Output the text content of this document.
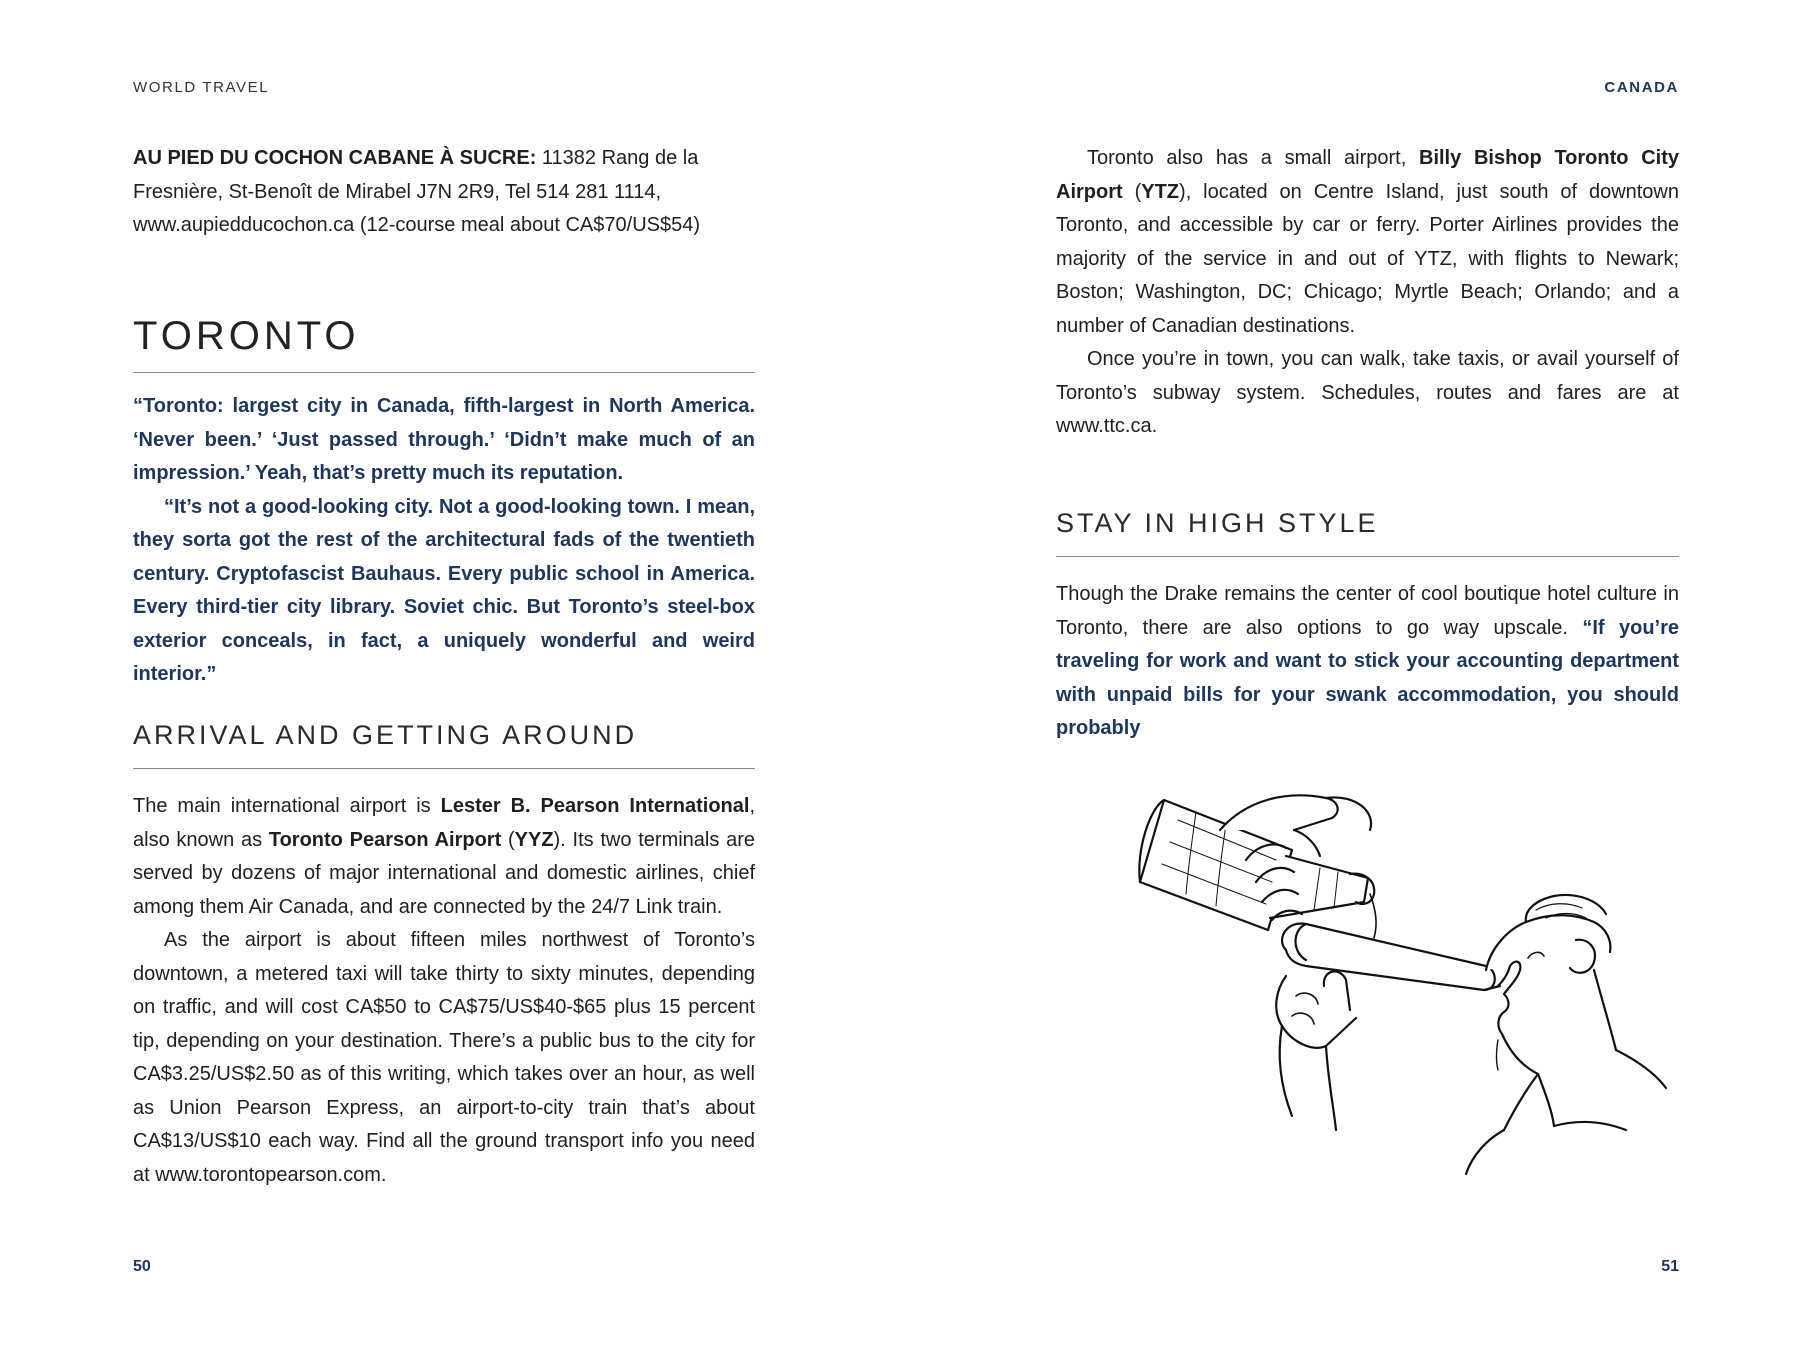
WORLD TRAVEL

AU PIED DU COCHON CABANE À SUCRE: 11382 Rang de la Fresnière, St-Benoît de Mirabel J7N 2R9, Tel 514 281 1114, www.aupiedducochon.ca (12-course meal about CA$70/US$54)

TORONTO

“Toronto: largest city in Canada, fifth-largest in North America. ‘Never been.’ ‘Just passed through.’ ‘Didn’t make much of an impression.’ Yeah, that’s pretty much its reputation.

“It’s not a good-looking city. Not a good-looking town. I mean, they sorta got the rest of the architectural fads of the twentieth century. Cryptofascist Bauhaus. Every public school in America. Every third-tier city library. Soviet chic. But Toronto’s steel-box exterior conceals, in fact, a uniquely wonderful and weird interior.”

ARRIVAL AND GETTING AROUND

The main international airport is Lester B. Pearson International, also known as Toronto Pearson Airport (YYZ). Its two terminals are served by dozens of major international and domestic airlines, chief among them Air Canada, and are connected by the 24/7 Link train.

As the airport is about fifteen miles northwest of Toronto’s downtown, a metered taxi will take thirty to sixty minutes, depending on traffic, and will cost CA$50 to CA$75/US$40-$65 plus 15 percent tip, depending on your destination. There’s a public bus to the city for CA$3.25/US$2.50 as of this writing, which takes over an hour, as well as Union Pearson Express, an airport-to-city train that’s about CA$13/US$10 each way. Find all the ground transport info you need at www.torontopearson.com.

50
CANADA

Toronto also has a small airport, Billy Bishop Toronto City Airport (YTZ), located on Centre Island, just south of downtown Toronto, and accessible by car or ferry. Porter Airlines provides the majority of the service in and out of YTZ, with flights to Newark; Boston; Washington, DC; Chicago; Myrtle Beach; Orlando; and a number of Canadian destinations.

Once you’re in town, you can walk, take taxis, or avail yourself of Toronto’s subway system. Schedules, routes and fares are at www.ttc.ca.

STAY IN HIGH STYLE

Though the Drake remains the center of cool boutique hotel culture in Toronto, there are also options to go way upscale. “If you’re traveling for work and want to stick your accounting department with unpaid bills for your swank accommodation, you should probably

51
